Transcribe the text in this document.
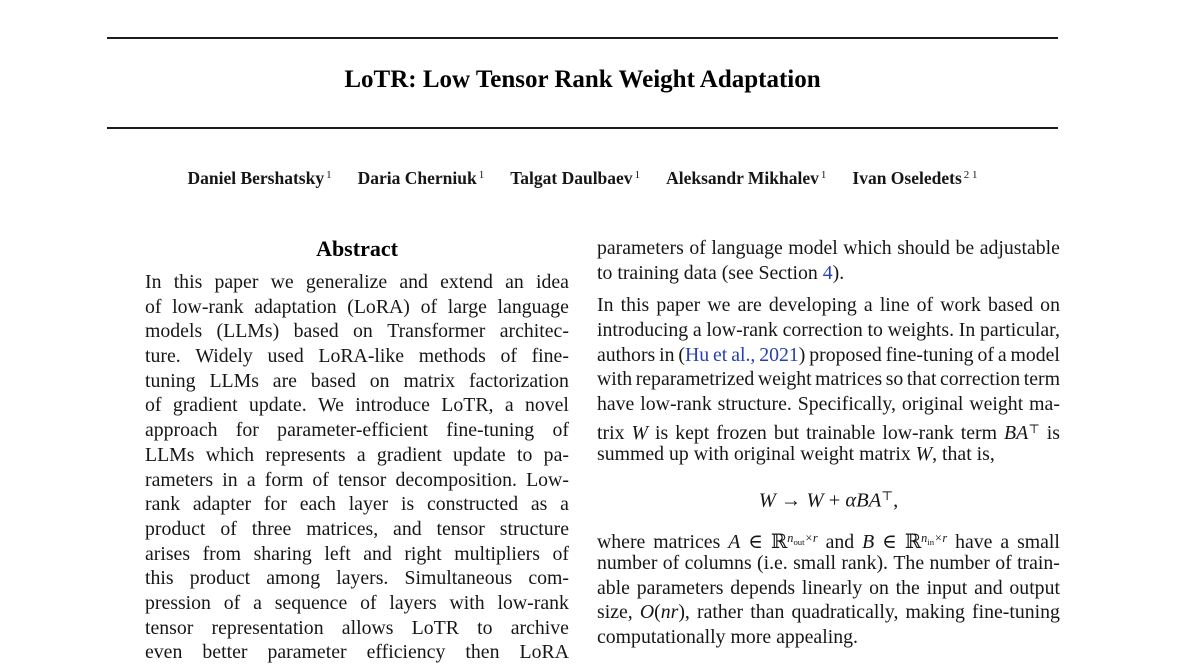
LoTR: Low Tensor Rank Weight Adaptation
Daniel Bershatsky $^1$ Daria Cherniuk $^1$ Talgat Daulbaev $^1$ Aleksandr Mikhalev $^1$ Ivan Oseledets $^{2 1}$
Abstract
In this paper we generalize and extend an idea
of low-rank adaptation (LoRA) of large language
models (LLMs) based on Transformer architec-
ture. Widely used LoRA-like methods of fine-
tuning LLMs are based on matrix factorization
of gradient update. We introduce LoTR, a novel
approach for parameter-efficient fine-tuning of
LLMs which represents a gradient update to pa-
rameters in a form of tensor decomposition. Low-
rank adapter for each layer is constructed as a
product of three matrices, and tensor structure
arises from sharing left and right multipliers of
this product among layers. Simultaneous com-
pression of a sequence of layers with low-rank
tensor representation allows LoTR to archive
even better parameter efficiency then LoRA
parameters of language model which should be adjustable
to training data (see Section 4).
In this paper we are developing a line of work based on
introducing a low-rank correction to weights. In particular,
authors in (Hu et al., 2021) proposed fine-tuning of a model
with reparametrized weight matrices so that correction term
have low-rank structure. Specifically, original weight ma-
trix W is kept frozen but trainable low-rank term BA⊤ is
summed up with original weight matrix W, that is,
W → W + αBA⊤,
where matrices A ∈ ℝ$^n$out$^{\times r}$ and B ∈ $ℝ^nin^{\times r}$ have a small
number of columns (i.e. small rank). The number of train-
able parameters depends linearly on the input and output
size, O(nr), rather than quadratically, making fine-tuning
computationally more appealing.
